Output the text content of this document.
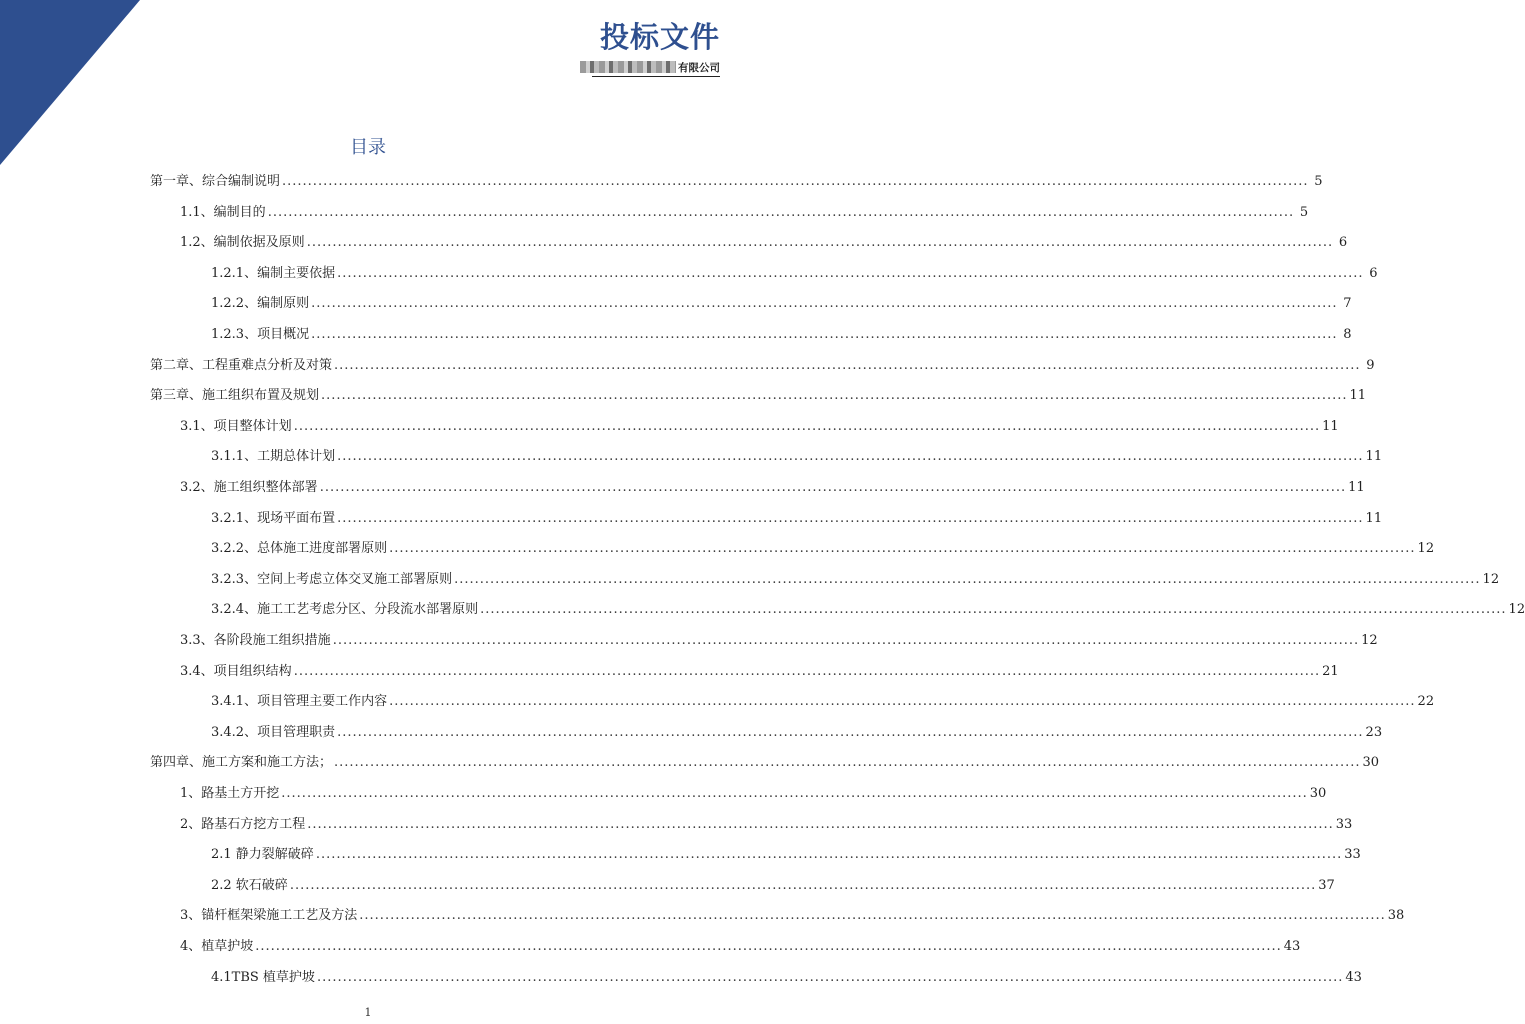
投标文件
有限公司
目录
第一章、综合编制说明 ........................................................................................................................................................................................................ 5
1.1、编制目的 ........................................................................................................................................................................................................ 5
1.2、编制依据及原则 ........................................................................................................................................................................................................ 6
1.2.1、编制主要依据 ........................................................................................................................................................................................................ 6
1.2.2、编制原则 ........................................................................................................................................................................................................ 7
1.2.3、项目概况 ........................................................................................................................................................................................................ 8
第二章、工程重难点分析及对策 ........................................................................................................................................................................................................ 9
第三章、施工组织布置及规划 ........................................................................................................................................................................................................ 11
3.1、项目整体计划 ........................................................................................................................................................................................................ 11
3.1.1、工期总体计划 ........................................................................................................................................................................................................ 11
3.2、施工组织整体部署 ........................................................................................................................................................................................................ 11
3.2.1、现场平面布置 ........................................................................................................................................................................................................ 11
3.2.2、总体施工进度部署原则 ........................................................................................................................................................................................................ 12
3.2.3、空间上考虑立体交叉施工部署原则 ........................................................................................................................................................................................................ 12
3.2.4、施工工艺考虑分区、分段流水部署原则 ........................................................................................................................................................................................................ 12
3.3、各阶段施工组织措施 ........................................................................................................................................................................................................ 12
3.4、项目组织结构 ........................................................................................................................................................................................................ 21
3.4.1、项目管理主要工作内容 ........................................................................................................................................................................................................ 22
3.4.2、项目管理职责 ........................................................................................................................................................................................................ 23
第四章、施工方案和施工方法； ........................................................................................................................................................................................................ 30
1、路基土方开挖 ........................................................................................................................................................................................................ 30
2、路基石方挖方工程 ........................................................................................................................................................................................................ 33
2.1 静力裂解破碎 ........................................................................................................................................................................................................ 33
2.2 软石破碎 ........................................................................................................................................................................................................ 37
3、锚杆框架梁施工工艺及方法 ........................................................................................................................................................................................................ 38
4、植草护坡 ........................................................................................................................................................................................................ 43
4.1TBS 植草护坡 ........................................................................................................................................................................................................ 43
1
